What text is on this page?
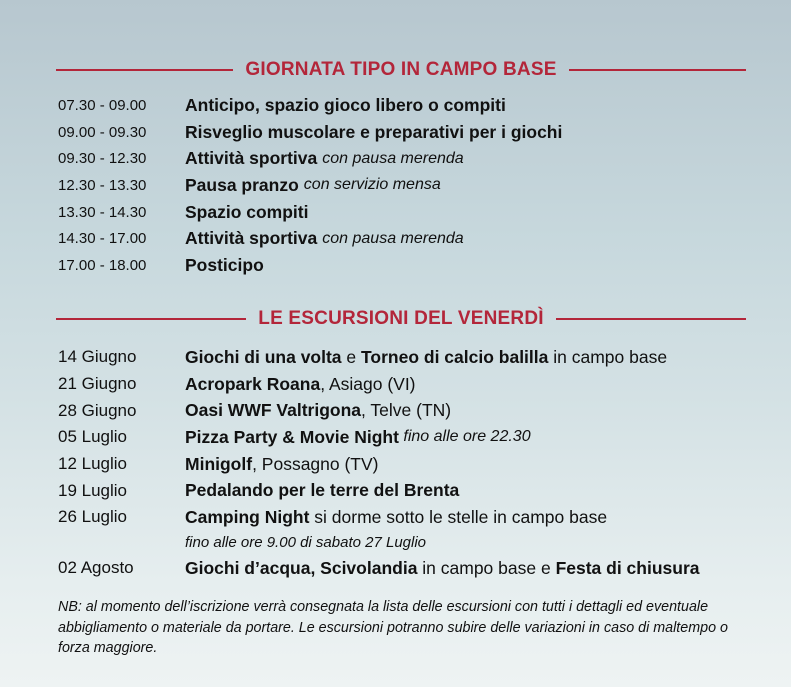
GIORNATA TIPO IN CAMPO BASE
07.30 - 09.00	Anticipo, spazio gioco libero o compiti
09.00 - 09.30	Risveglio muscolare e preparativi per i giochi
09.30 - 12.30	Attività sportiva con pausa merenda
12.30 - 13.30	Pausa pranzo con servizio mensa
13.30 - 14.30	Spazio compiti
14.30 - 17.00	Attività sportiva con pausa merenda
17.00 - 18.00	Posticipo
LE ESCURSIONI DEL VENERDÌ
14 Giugno	Giochi di una volta e Torneo di calcio balilla in campo base
21 Giugno	Acropark Roana , Asiago (VI)
28 Giugno	Oasi WWF Valtrigona , Telve (TN)
05 Luglio	Pizza Party & Movie Night fino alle ore 22.30
12 Luglio	Minigolf , Possagno (TV)
19 Luglio	Pedalando per le terre del Brenta
26 Luglio	Camping Night si dorme sotto le stelle in campo base
fino alle ore 9.00 di sabato 27 Luglio
02 Agosto	Giochi d’acqua, Scivolandia in campo base e Festa di chiusura
NB: al momento dell’iscrizione verrà consegnata la lista delle escursioni con tutti i dettagli ed eventuale abbigliamento o materiale da portare. Le escursioni potranno subire delle variazioni in caso di maltempo o forza maggiore.
